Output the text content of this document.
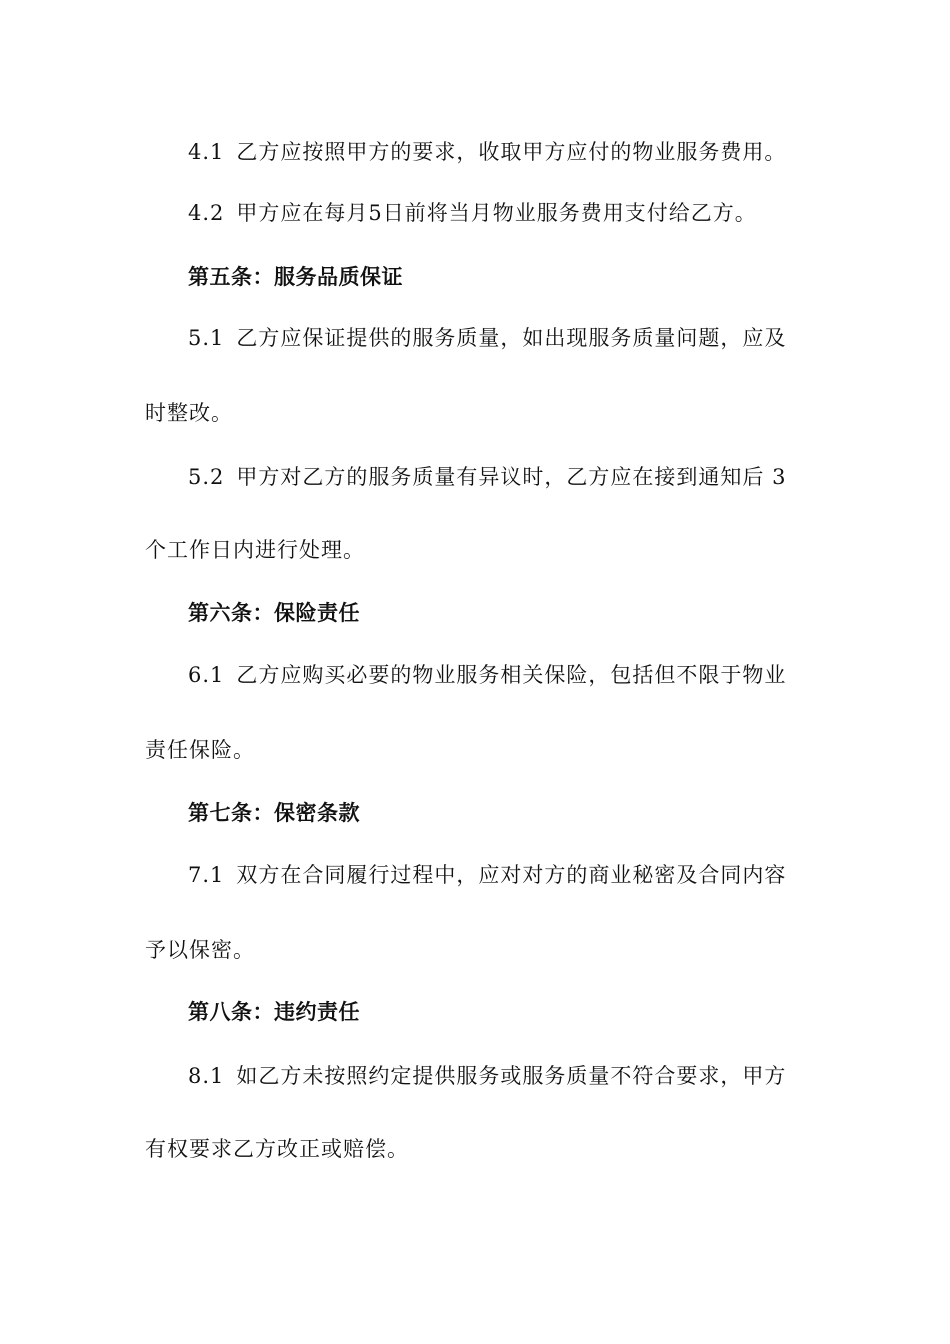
4.1 乙方应按照甲方的要求，收取甲方应付的物业服务费用。
4.2 甲方应在每月5日前将当月物业服务费用支付给乙方。
第五条：服务品质保证
5.1 乙方应保证提供的服务质量，如出现服务质量问题，应及
时整改。
5.2 甲方对乙方的服务质量有异议时，乙方应在接到通知后 3
个工作日内进行处理。
第六条：保险责任
6.1 乙方应购买必要的物业服务相关保险，包括但不限于物业
责任保险。
第七条：保密条款
7.1 双方在合同履行过程中，应对对方的商业秘密及合同内容
予以保密。
第八条：违约责任
8.1 如乙方未按照约定提供服务或服务质量不符合要求，甲方
有权要求乙方改正或赔偿。
